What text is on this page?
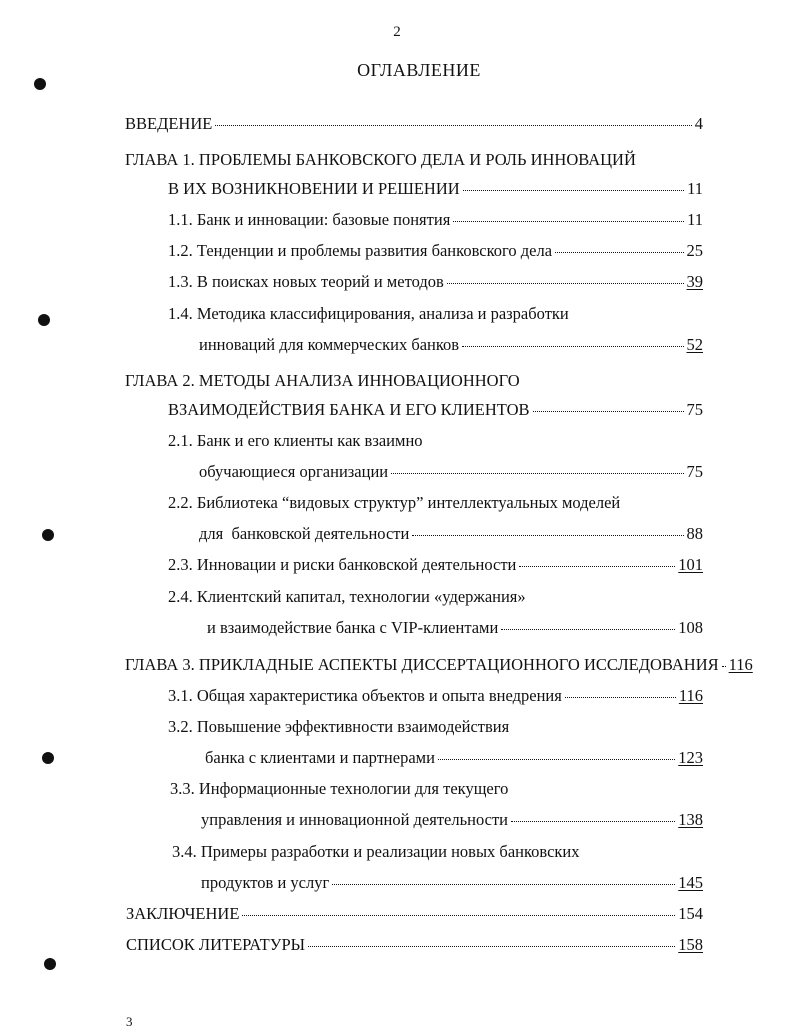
2
ОГЛАВЛЕНИЕ
ВВЕДЕНИЕ	4
ГЛАВА 1. ПРОБЛЕМЫ БАНКОВСКОГО ДЕЛА И РОЛЬ ИННОВАЦИЙ
В ИХ ВОЗНИКНОВЕНИИ И РЕШЕНИИ	11
1.1. Банк и инновации: базовые понятия	11
1.2. Тенденции и проблемы развития банковского дела	25
1.3. В поисках новых теорий и методов	39
1.4. Методика классифицирования, анализа и разработки
инноваций для коммерческих банков	52
ГЛАВА 2. МЕТОДЫ АНАЛИЗА ИННОВАЦИОННОГО
ВЗАИМОДЕЙСТВИЯ БАНКА И ЕГО КЛИЕНТОВ	75
2.1. Банк и его клиенты как взаимно
обучающиеся организации	75
2.2. Библиотека “видовых структур” интеллектуальных моделей
для  банковской деятельности	88
2.3. Инновации и риски банковской деятельности	101
2.4. Клиентский капитал, технологии «удержания»
и взаимодействие банка с VIP-клиентами	108
ГЛАВА 3. ПРИКЛАДНЫЕ АСПЕКТЫ ДИССЕРТАЦИОННОГО ИССЛЕДОВАНИЯ 116
3.1. Общая характеристика объектов и опыта внедрения	116
3.2. Повышение эффективности взаимодействия
банка с клиентами и партнерами	123
3.3. Информационные технологии для текущего
управления и инновационной деятельности	138
3.4. Примеры разработки и реализации новых банковских
продуктов и услуг	145
ЗАКЛЮЧЕНИЕ	154
СПИСОК ЛИТЕРАТУРЫ	158
3
